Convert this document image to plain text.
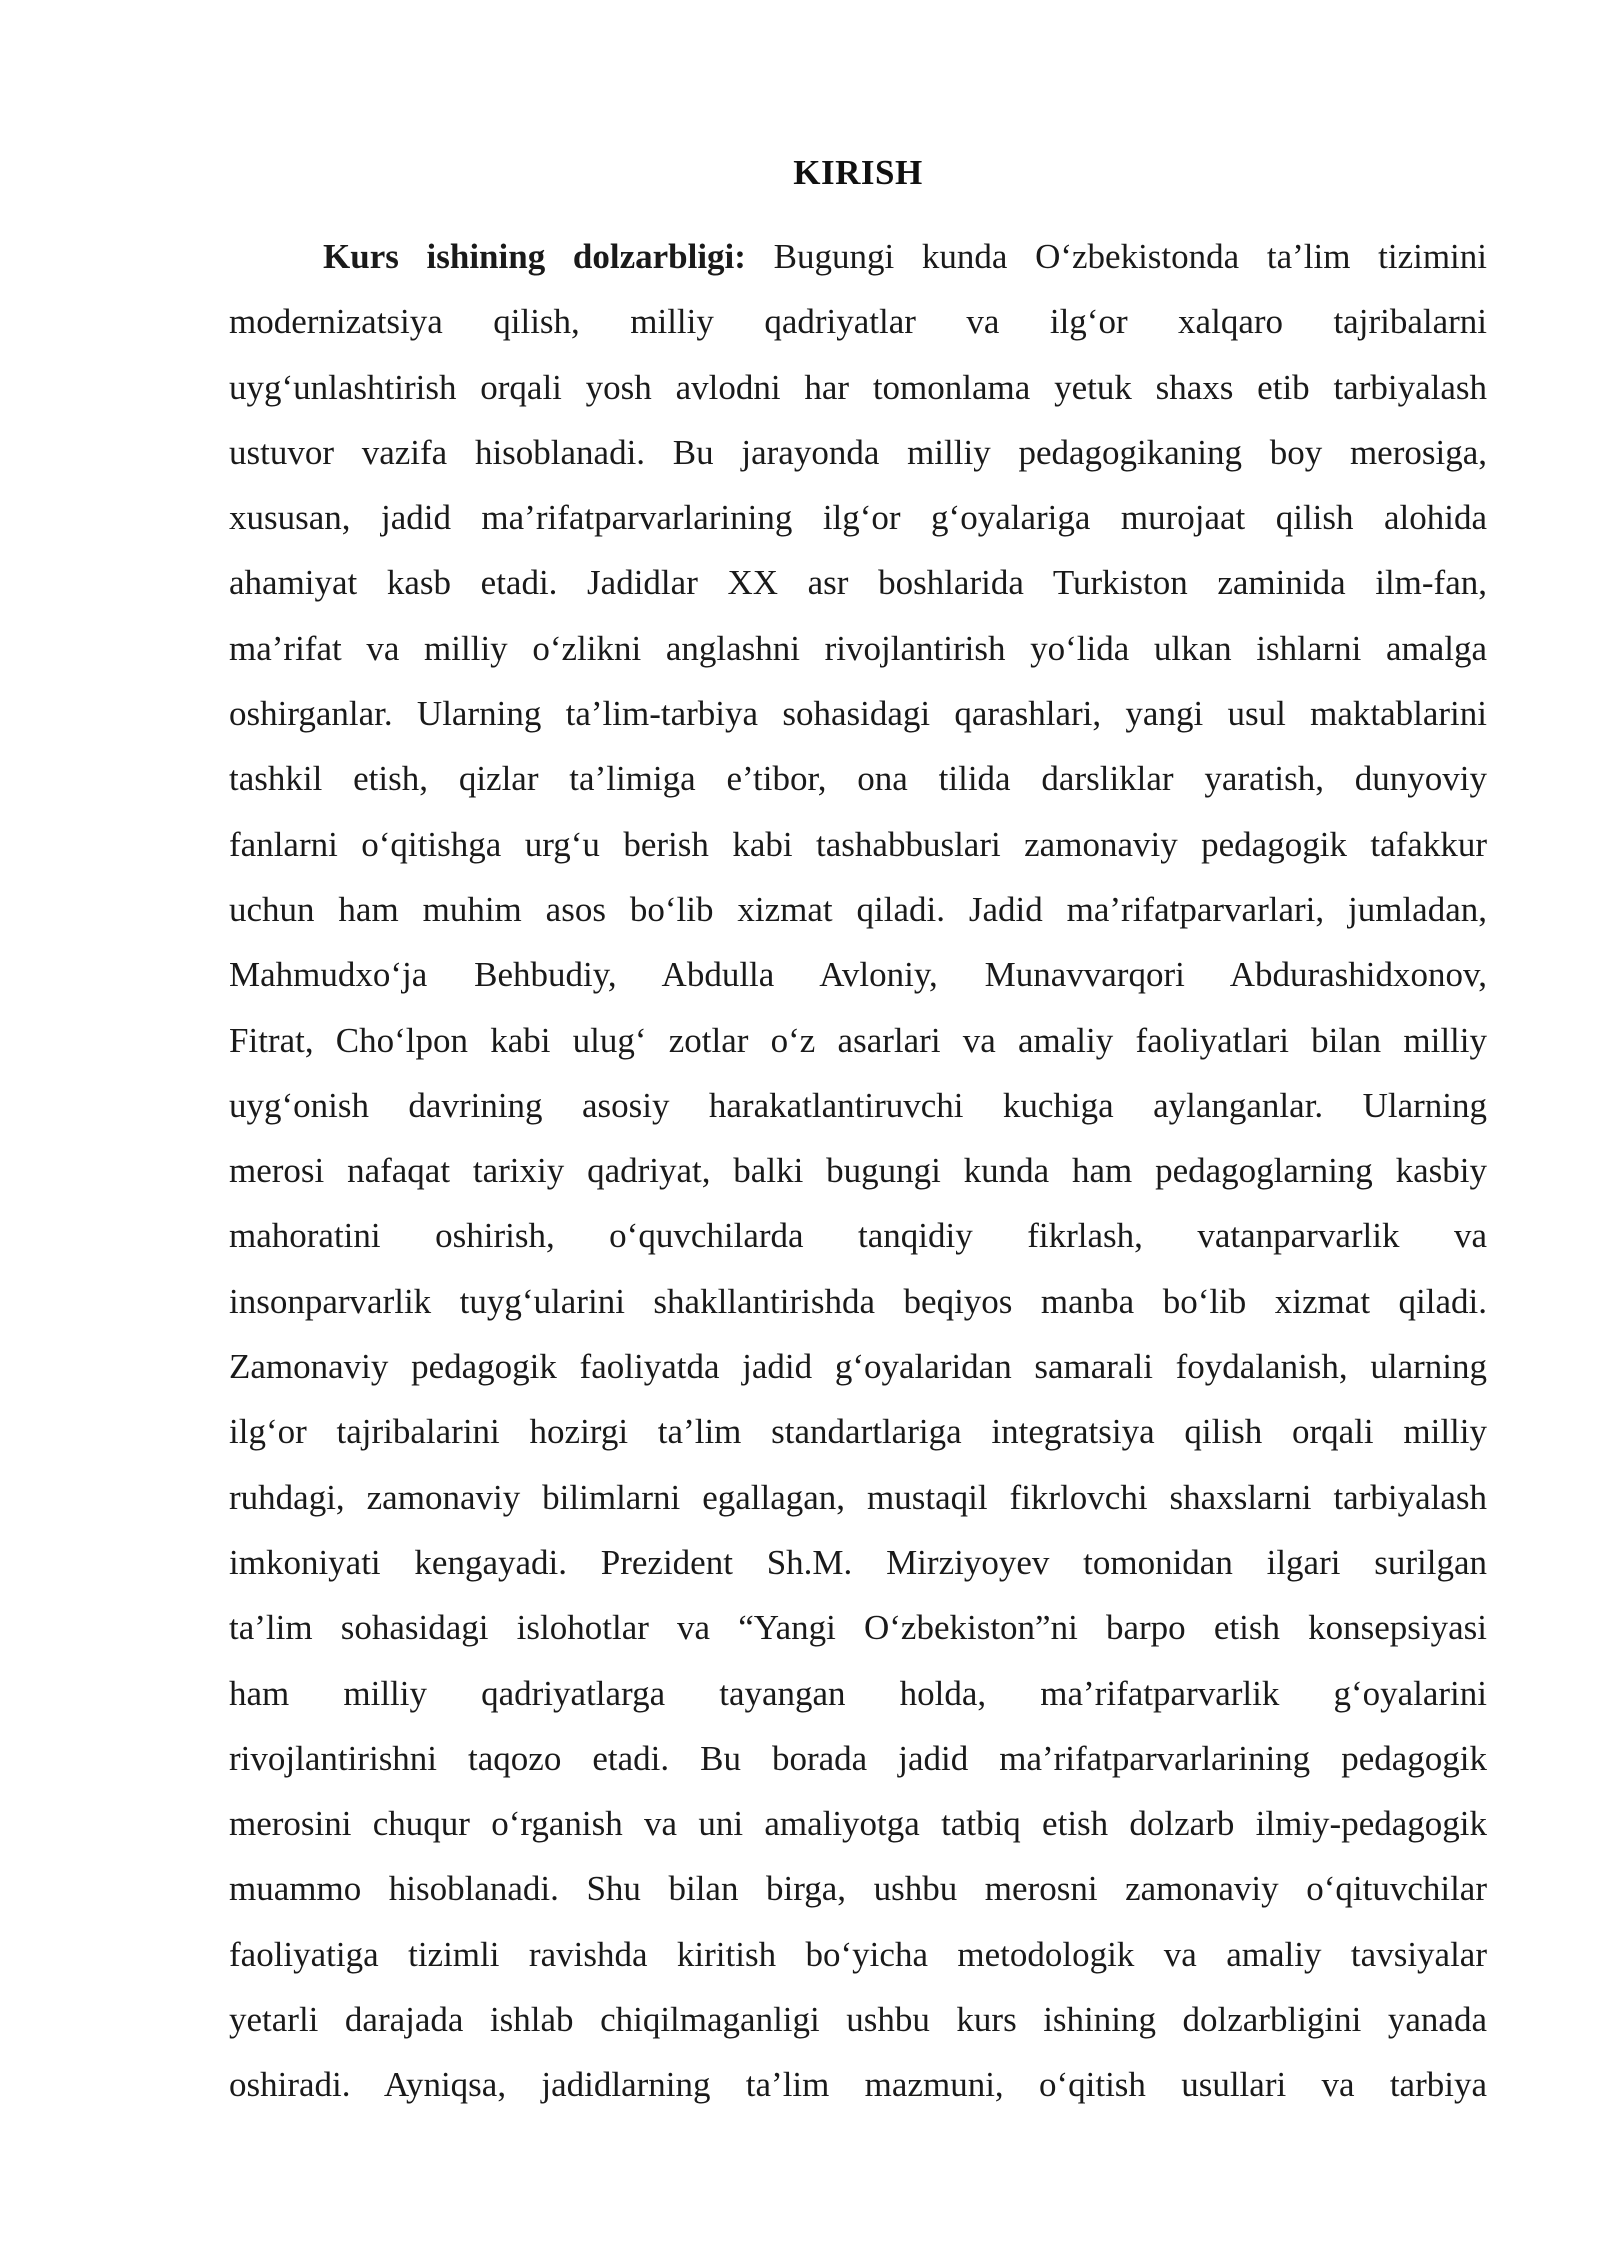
KIRISH
Kurs ishining dolzarbligi: Bugungi kunda O‘zbekistonda ta’lim tizimini
modernizatsiya qilish, milliy qadriyatlar va ilg‘or xalqaro tajribalarni
uyg‘unlashtirish orqali yosh avlodni har tomonlama yetuk shaxs etib tarbiyalash
ustuvor vazifa hisoblanadi. Bu jarayonda milliy pedagogikaning boy merosiga,
xususan, jadid ma’rifatparvarlarining ilg‘or g‘oyalariga murojaat qilish alohida
ahamiyat kasb etadi. Jadidlar XX asr boshlarida Turkiston zaminida ilm-fan,
ma’rifat va milliy o‘zlikni anglashni rivojlantirish yo‘lida ulkan ishlarni amalga
oshirganlar. Ularning ta’lim-tarbiya sohasidagi qarashlari, yangi usul maktablarini
tashkil etish, qizlar ta’limiga e’tibor, ona tilida darsliklar yaratish, dunyoviy
fanlarni o‘qitishga urg‘u berish kabi tashabbuslari zamonaviy pedagogik tafakkur
uchun ham muhim asos bo‘lib xizmat qiladi. Jadid ma’rifatparvarlari, jumladan,
Mahmudxo‘ja Behbudiy, Abdulla Avloniy, Munavvarqori Abdurashidxonov,
Fitrat, Cho‘lpon kabi ulug‘ zotlar o‘z asarlari va amaliy faoliyatlari bilan milliy
uyg‘onish davrining asosiy harakatlantiruvchi kuchiga aylanganlar. Ularning
merosi nafaqat tarixiy qadriyat, balki bugungi kunda ham pedagoglarning kasbiy
mahoratini oshirish, o‘quvchilarda tanqidiy fikrlash, vatanparvarlik va
insonparvarlik tuyg‘ularini shakllantirishda beqiyos manba bo‘lib xizmat qiladi.
Zamonaviy pedagogik faoliyatda jadid g‘oyalaridan samarali foydalanish, ularning
ilg‘or tajribalarini hozirgi ta’lim standartlariga integratsiya qilish orqali milliy
ruhdagi, zamonaviy bilimlarni egallagan, mustaqil fikrlovchi shaxslarni tarbiyalash
imkoniyati kengayadi. Prezident Sh.M. Mirziyoyev tomonidan ilgari surilgan
ta’lim sohasidagi islohotlar va “Yangi O‘zbekiston”ni barpo etish konsepsiyasi
ham milliy qadriyatlarga tayangan holda, ma’rifatparvarlik g‘oyalarini
rivojlantirishni taqozo etadi. Bu borada jadid ma’rifatparvarlarining pedagogik
merosini chuqur o‘rganish va uni amaliyotga tatbiq etish dolzarb ilmiy-pedagogik
muammo hisoblanadi. Shu bilan birga, ushbu merosni zamonaviy o‘qituvchilar
faoliyatiga tizimli ravishda kiritish bo‘yicha metodologik va amaliy tavsiyalar
yetarli darajada ishlab chiqilmaganligi ushbu kurs ishining dolzarbligini yanada
oshiradi. Ayniqsa, jadidlarning ta’lim mazmuni, o‘qitish usullari va tarbiya
